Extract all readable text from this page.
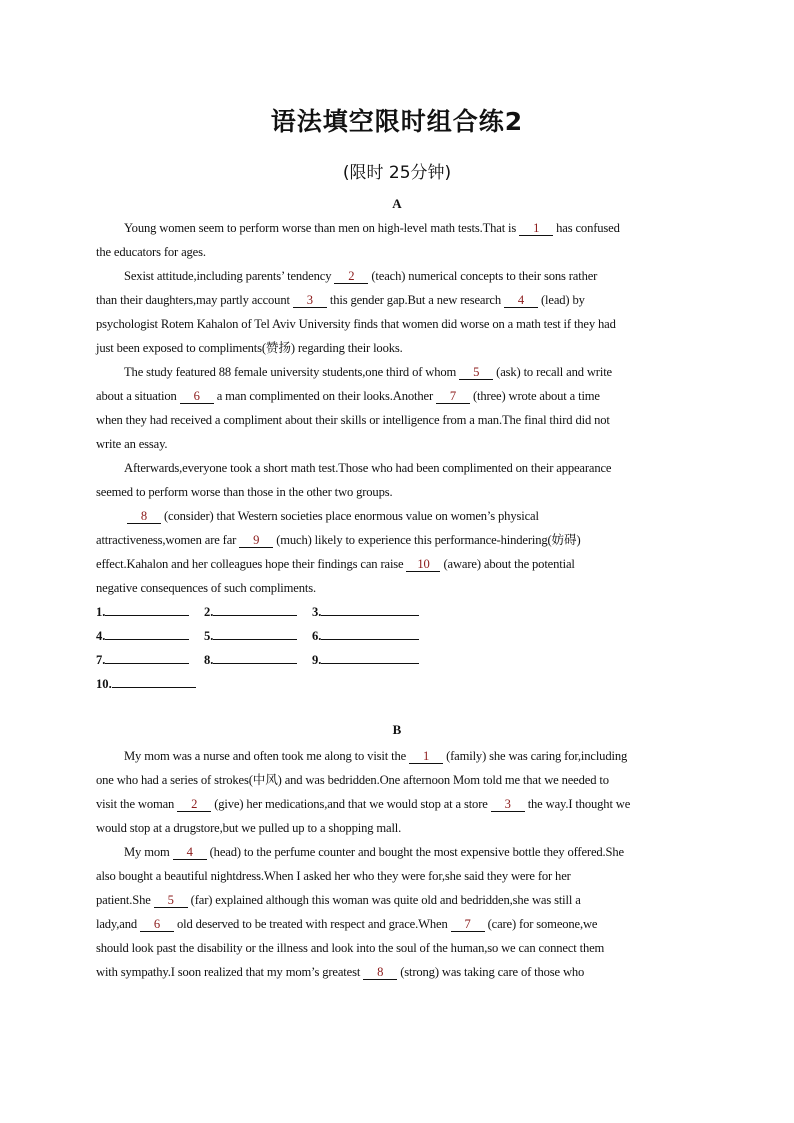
语法填空限时组合练2
(限时 25分钟)
A
Young women seem to perform worse than men on high-level math tests.That is 1 has confused
the educators for ages.
Sexist attitude,including parents’ tendency 2 (teach) numerical concepts to their sons rather
than their daughters,may partly account 3 this gender gap.But a new research 4 (lead) by
psychologist Rotem Kahalon of Tel Aviv University finds that women did worse on a math test if they had
just been exposed to compliments(赞扬) regarding their looks.
The study featured 88 female university students,one third of whom 5 (ask) to recall and write
about a situation 6 a man complimented on their looks.Another 7 (three) wrote about a time
when they had received a compliment about their skills or intelligence from a man.The final third did not
write an essay.
Afterwards,everyone took a short math test.Those who had been complimented on their appearance
seemed to perform worse than those in the other two groups.
8 (consider) that Western societies place enormous value on women’s physical
attractiveness,women are far 9 (much) likely to experience this performance-hindering(妨碍)
effect.Kahalon and her colleagues hope their findings can raise 10 (aware) about the potential
negative consequences of such compliments.
1.	2.	3.
4.	5.	6.
7.	8.	9.
10.
B
My mom was a nurse and often took me along to visit the 1 (family) she was caring for,including
one who had a series of strokes(中风) and was bedridden.One afternoon Mom told me that we needed to
visit the woman 2 (give) her medications,and that we would stop at a store 3 the way.I thought we
would stop at a drugstore,but we pulled up to a shopping mall.
My mom 4 (head) to the perfume counter and bought the most expensive bottle they offered.She
also bought a beautiful nightdress.When I asked her who they were for,she said they were for her
patient.She 5 (far) explained although this woman was quite old and bedridden,she was still a
lady,and 6 old deserved to be treated with respect and grace.When 7 (care) for someone,we
should look past the disability or the illness and look into the soul of the human,so we can connect them
with sympathy.I soon realized that my mom’s greatest 8 (strong) was taking care of those who
